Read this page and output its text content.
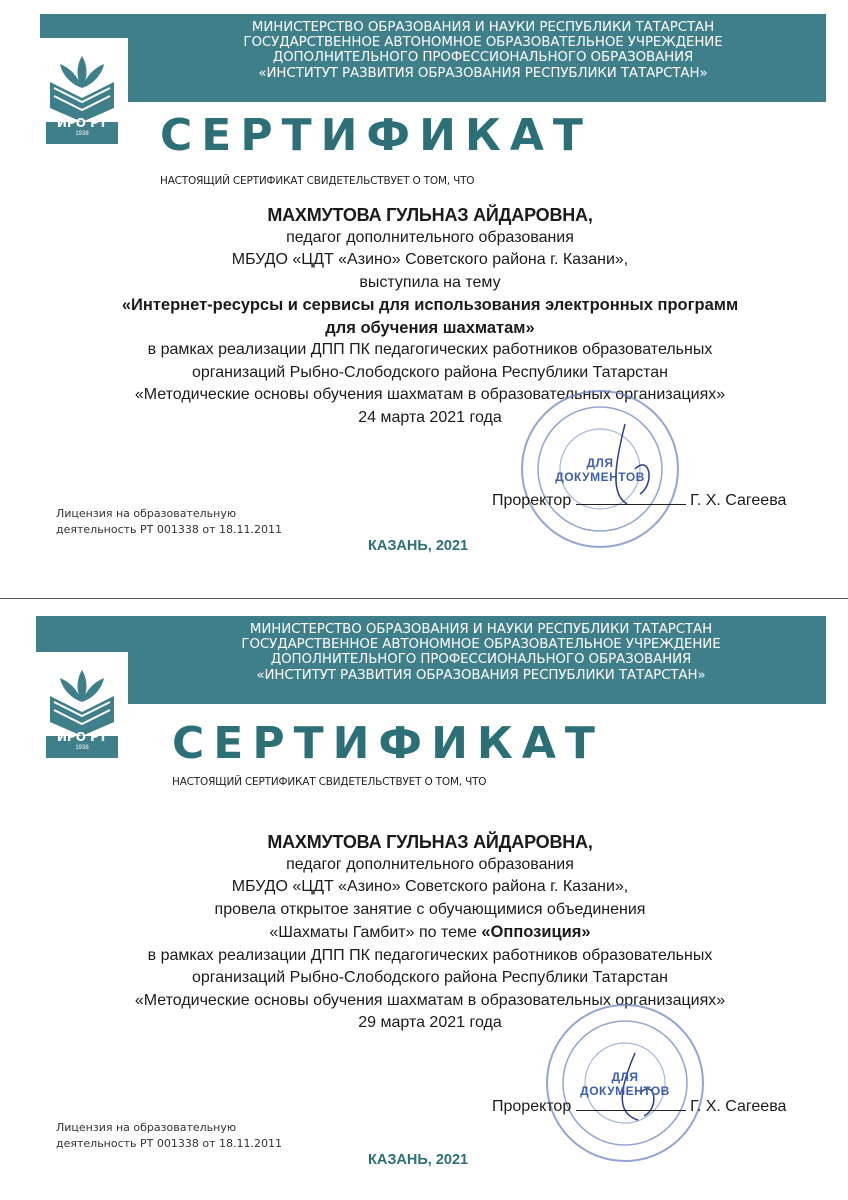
МИНИСТЕРСТВО ОБРАЗОВАНИЯ И НАУКИ РЕСПУБЛИКИ ТАТАРСТАН
ГОСУДАРСТВЕННОЕ АВТОНОМНОЕ ОБРАЗОВАТЕЛЬНОЕ УЧРЕЖДЕНИЕ
ДОПОЛНИТЕЛЬНОГО ПРОФЕССИОНАЛЬНОГО ОБРАЗОВАНИЯ
«ИНСТИТУТ РАЗВИТИЯ ОБРАЗОВАНИЯ РЕСПУБЛИКИ ТАТАРСТАН»
ИРО РТ
1938	СЕРТИФИКАТ
НАСТОЯЩИЙ СЕРТИФИКАТ СВИДЕТЕЛЬСТВУЕТ О ТОМ, ЧТО
МАХМУТОВА ГУЛЬНАЗ АЙДАРОВНА,
педагог дополнительного образования
МБУДО «ЦДТ «Азино» Советского района г. Казани»,
выступила на тему
«Интернет-ресурсы и сервисы для использования электронных программ
для обучения шахматам»
в рамках реализации ДПП ПК педагогических работников образовательных
организаций Рыбно-Слободского района Республики Татарстан
«Методические основы обучения шахматам в образовательных организациях»
24 марта 2021 года
ДЛЯ
ДОКУМЕНТОВ
Проректор	Г. Х. Сагеева
Лицензия на образовательную
деятельность РТ 001338 от 18.11.2011
КАЗАНЬ, 2021
МИНИСТЕРСТВО ОБРАЗОВАНИЯ И НАУКИ РЕСПУБЛИКИ ТАТАРСТАН
ГОСУДАРСТВЕННОЕ АВТОНОМНОЕ ОБРАЗОВАТЕЛЬНОЕ УЧРЕЖДЕНИЕ
ДОПОЛНИТЕЛЬНОГО ПРОФЕССИОНАЛЬНОГО ОБРАЗОВАНИЯ
«ИНСТИТУТ РАЗВИТИЯ ОБРАЗОВАНИЯ РЕСПУБЛИКИ ТАТАРСТАН»
ИРО РТ
1938	СЕРТИФИКАТ
НАСТОЯЩИЙ СЕРТИФИКАТ СВИДЕТЕЛЬСТВУЕТ О ТОМ, ЧТО
МАХМУТОВА ГУЛЬНАЗ АЙДАРОВНА,
педагог дополнительного образования
МБУДО «ЦДТ «Азино» Советского района г. Казани»,
провела открытое занятие с обучающимися объединения
«Шахматы Гамбит» по теме «Оппозиция»
в рамках реализации ДПП ПК педагогических работников образовательных
организаций Рыбно-Слободского района Республики Татарстан
«Методические основы обучения шахматам в образовательных организациях»
29 марта 2021 года
ДЛЯ
ДОКУМЕНТОВ
Проректор	Г. Х. Сагеева
Лицензия на образовательную
деятельность РТ 001338 от 18.11.2011
КАЗАНЬ, 2021
